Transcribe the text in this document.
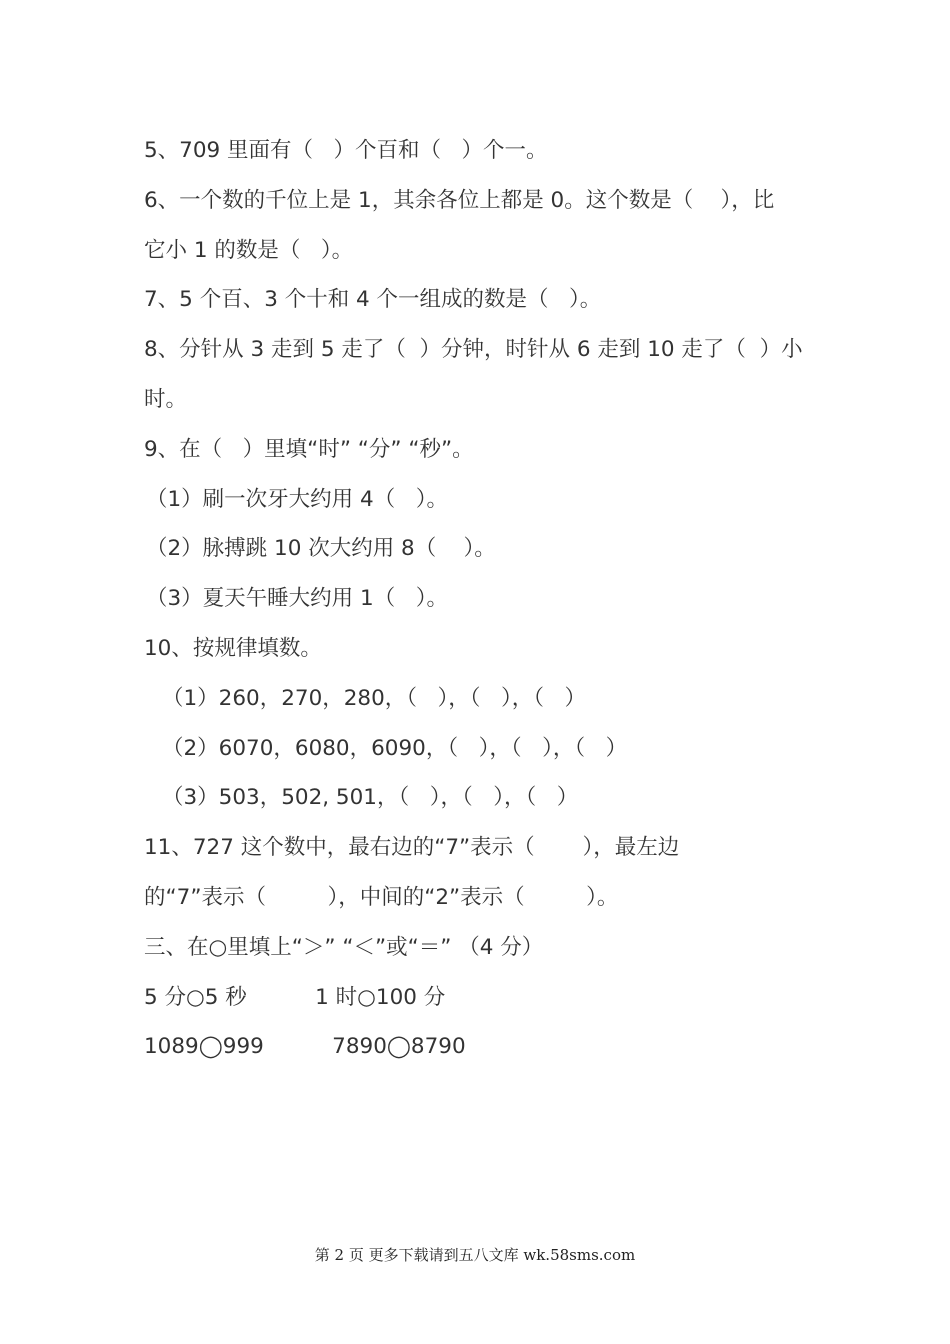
5、709 里面有（   ）个百和（   ）个一。
6、一个数的千位上是 1，其余各位上都是 0。这个数是（    ），比
它小 1 的数是（   ）。
7、5 个百、3 个十和 4 个一组成的数是（   ）。
8、分针从 3 走到 5 走了（  ）分钟，时针从 6 走到 10 走了（  ）小
时。
9、在（   ）里填“时” “分” “秒”。
（1）刷一次牙大约用 4（   ）。
（2）脉搏跳 10 次大约用 8（    ）。
（3）夏天午睡大约用 1（   ）。
10、按规律填数。
（1）260，270，280，（   ），（   ），（   ）
（2）6070，6080，6090，（   ），（   ），（   ）
（3）503，502, 501，（   ），（   ），（   ）
11、727 这个数中，最右边的“7”表示（       ），最左边
的“7”表示（         ），中间的“2”表示（         ）。
三、在○里填上“＞” “＜”或“＝” （4 分）
5 分○5 秒          1 时○100 分
1089◯999          7890◯8790
第 2 页 更多下载请到五八文库 wk.58sms.com
